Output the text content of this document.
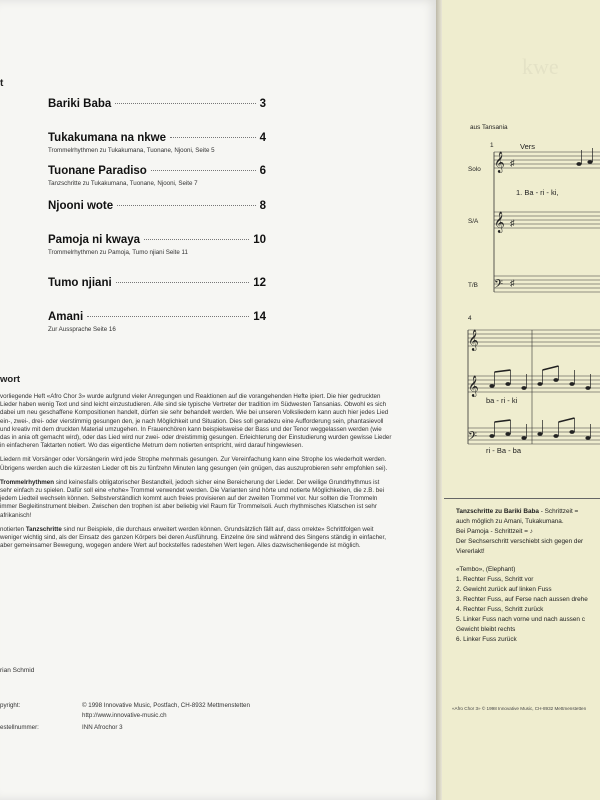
t
Bariki Baba	3
Tukakumana na nkwe	4
Trommelrhythmen zu Tukakumana, Tuonane, Njooni, Seite 5
Tuonane Paradiso	6
Tanzschritte zu Tukakumana, Tuonane, Njooni, Seite 7
Njooni wote	8
Pamoja ni kwaya	10
Trommelrhythmen zu Pamoja, Tumo njiani Seite 11
Tumo njiani	12
Amani	14
Zur Aussprache Seite 16
wort

vorliegende Heft «Afro Chor 3» wurde aufgrund vieler Anregungen und Reaktionen auf die vorangehenden Hefte ipiert. Die hier gedruckten Lieder haben wenig Text und sind leicht einzustudieren. Alle sind sie typische Vertreter der tradition im Südwesten Tansanias. Obwohl es sich dabei um neu geschaffene Kompositionen handelt, dürfen sie sehr behandelt werden. Wie bei unseren Volksliedern kann auch hier jedes Lied ein-, zwei-, drei- oder vierstimmig gesungen den, je nach Möglichkeit und Situation. Dies soll geradezu eine Aufforderung sein, phantasievoll und kreativ mit dem druckten Material umzugehen. In Frauenchören kann beispielsweise der Bass und der Tenor weggelassen werden (wie das in ania oft gemacht wird), oder das Lied wird nur zwei- oder dreistimmig gesungen. Erleichterung der Einstudierung wurden gewisse Lieder in einfacheren Taktarten notiert. Wo das eigentliche Metrum dem notierten entspricht, wird darauf hingewiesen.

Liedern mit Vorsänger oder Vorsängerin wird jede Strophe mehrmals gesungen. Zur Vereinfachung kann eine Strophe los wiederholt werden. Übrigens werden auch die kürzesten Lieder oft bis zu fünfzehn Minuten lang gesungen (ein gnügen, das auszuprobieren sehr empfohlen sei).

Trommelrhythmen sind keinesfalls obligatorischer Bestandteil, jedoch sicher eine Bereicherung der Lieder. Der weilige Grundrhythmus ist sehr einfach zu spielen. Dafür soll eine «hohe» Trommel verwendet werden. Die Varianten sind hörte und notierte Möglichkeiten, die z.B. bei jedem Liedteil wechseln können. Selbstverständlich kommt auch freies provisieren auf der zweiten Trommel vor. Nur sollten die Trommeln immer Begleitinstrument bleiben. Zwischen den trophen ist aber beliebig viel Raum für Trommelsoli. Auch rhythmisches Klatschen ist sehr afrikanisch!

notierten Tanzschritte sind nur Beispiele, die durchaus erweitert werden können. Grundsätzlich fällt auf, dass orrekte» Schrittfolgen weit weniger wichtig sind, als der Einsatz des ganzen Körpers bei deren Ausführung. Einzelne öre sind während des Singens ständig in einfacher, aber gemeinsamer Bewegung, wogegen andere Wert auf bockstelfes radestehen Wert legen. Alles dazwischenliegende ist möglich.

rian Schmid
pyright:	© 1998 Innovative Music, Postfach, CH-8932 Mettmenstetten
http://www.innovative-music.ch
estellnummer:	INN Afrochor 3
kwe
aus Tansania
1	Vers
Solo
S/A
T/B
1. Ba - ri - ki,
4
ba - ri - ki
ri - Ba - ba
𝄞
𝄞
𝄢
♯
♯
♯
𝄞
𝄞
𝄢
Tanzschritte zu Bariki Baba - Schrittzeit =
auch möglich zu Amani, Tukakumana.
Bei Pamoja - Schrittzeit = ♪
Der Sechserschritt verschiebt sich gegen der
Viererlakt!
«Tembo», (Elephant)
1. Rechter Fuss, Schritt vor
2. Gewicht zurück auf linken Fuss
3. Rechter Fuss, auf Ferse nach aussen drehe
4. Rechter Fuss, Schritt zurück
5. Linker Fuss nach vorne und nach aussen c
Gewicht bleibt rechts
6. Linker Fuss zurück
«Afro Chor 3» © 1998 Innovative Music, CH-8932 Mettmenstetten
